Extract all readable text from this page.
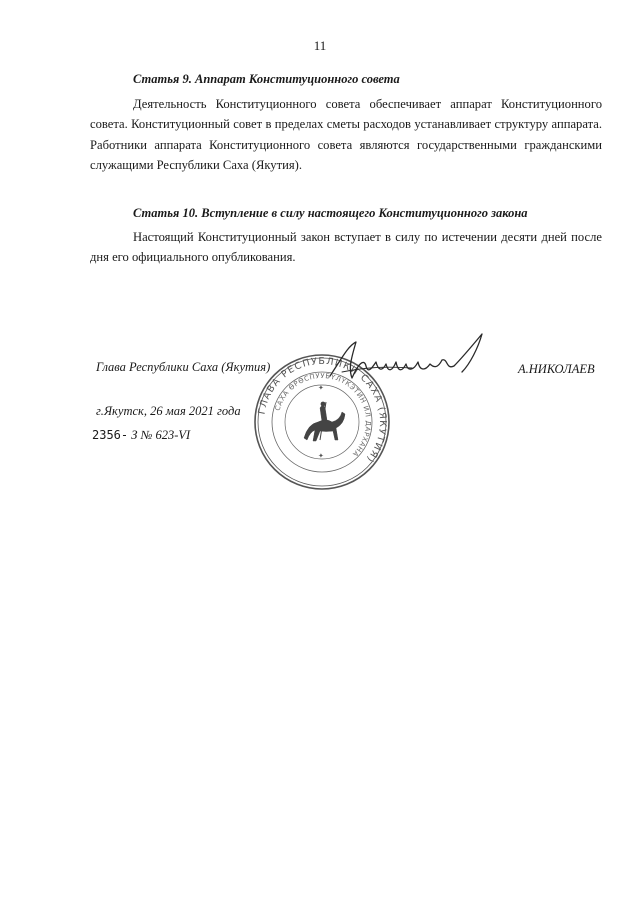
11
Статья 9. Аппарат Конституционного совета
Деятельность Конституционного совета обеспечивает аппарат Конституционного совета. Конституционный совет в пределах сметы расходов устанавливает структуру аппарата. Работники аппарата Конституционного совета являются государственными гражданскими служащими Республики Саха (Якутия).
Статья 10. Вступление в силу настоящего Конституционного закона
Настоящий Конституционный закон вступает в силу по истечении десяти дней после дня его официального опубликования.
Глава Республики Саха (Якутия)	А.НИКОЛАЕВ
г.Якутск, 26 мая 2021 года
2356- З № 623-VI
ГЛАВА РЕСПУБЛИКИ САХА (ЯКУТИЯ)
САХА ӨРӨСПУУБҮЛҮКЭТИН ИЛ ДАРХАНА
✦
✦
